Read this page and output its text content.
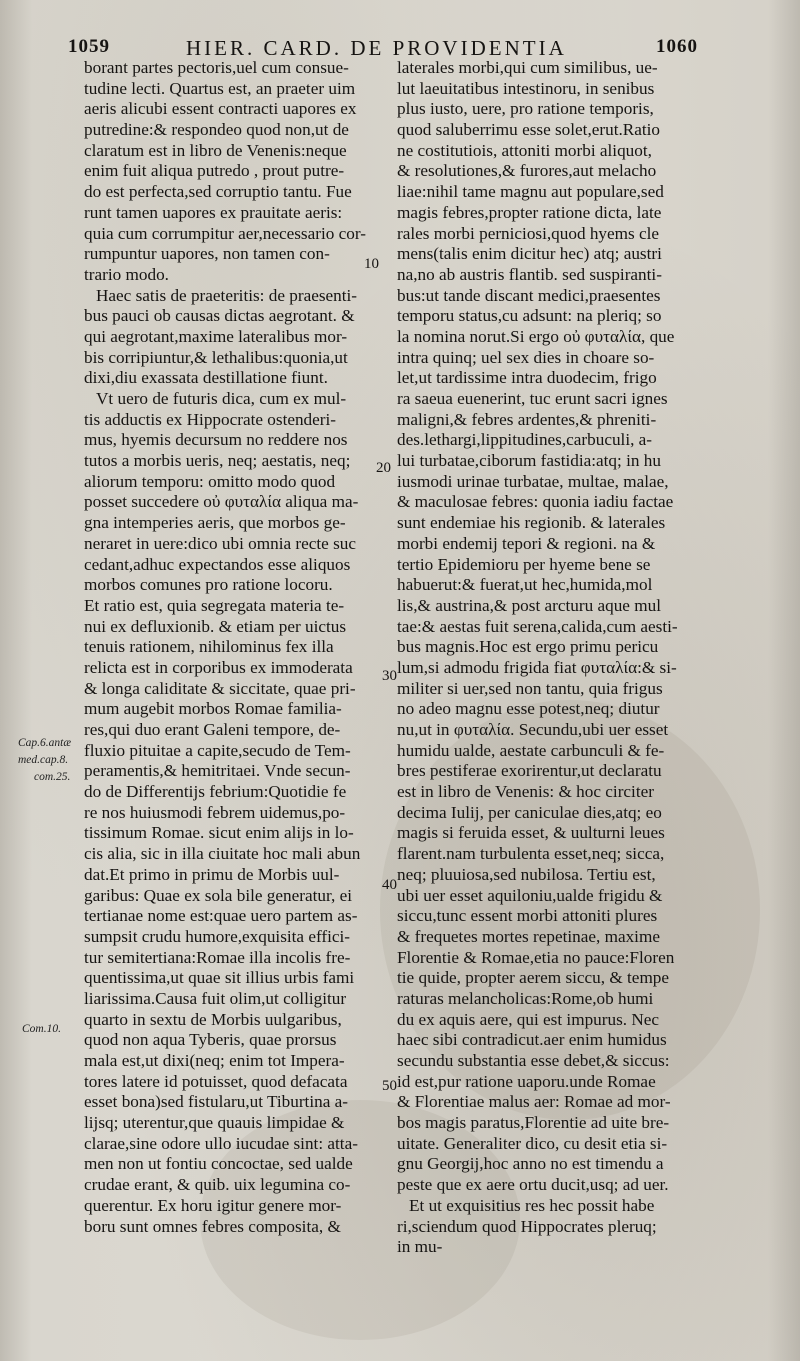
1059	HIER. CARD. DE PROVIDENTIA	1060
Cap.6.antæ
med.cap.8.
com.25.
Com.10.
10
20
30
40
50
borant partes pectoris,uel cum consue-
tudine lecti. Quartus est, an praeter uim
aeris alicubi essent contracti uapores ex
putredine:& respondeo quod non,ut de
claratum est in libro de Venenis:neque
enim fuit aliqua putredo , prout putre-
do est perfecta,sed corruptio tantu. Fue
runt tamen uapores ex prauitate aeris:
quia cum corrumpitur aer,necessario cor-
rumpuntur uapores, non tamen con-
trario modo.
Haec satis de praeteritis: de praesenti-
bus pauci ob causas dictas aegrotant. &
qui aegrotant,maxime lateralibus mor-
bis corripiuntur,& lethalibus:quonia,ut
dixi,diu exassata destillatione fiunt.
Vt uero de futuris dica, cum ex mul-
tis adductis ex Hippocrate ostenderi-
mus, hyemis decursum no reddere nos
tutos a morbis ueris, neq; aestatis, neq;
aliorum temporu: omitto modo quod
posset succedere οὐ φυταλία aliqua ma-
gna intemperies aeris, que morbos ge-
neraret in uere:dico ubi omnia recte suc
cedant,adhuc expectandos esse aliquos
morbos comunes pro ratione locoru.
Et ratio est, quia segregata materia te-
nui ex defluxionib. & etiam per uictus
tenuis rationem, nihilominus fex illa
relicta est in corporibus ex immoderata
& longa caliditate & siccitate, quae pri-
mum augebit morbos Romae familia-
res,qui duo erant Galeni tempore, de-
fluxio pituitae a capite,secudo de Tem-
peramentis,& hemitritaei. Vnde secun-
do de Differentijs febrium:Quotidie fe
re nos huiusmodi febrem uidemus,po-
tissimum Romae. sicut enim alijs in lo-
cis alia, sic in illa ciuitate hoc mali abun
dat.Et primo in primu de Morbis uul-
garibus: Quae ex sola bile generatur, ei
tertianae nome est:quae uero partem as-
sumpsit crudu humore,exquisita effici-
tur semitertiana:Romae illa incolis fre-
quentissima,ut quae sit illius urbis fami
liarissima.Causa fuit olim,ut colligitur
quarto in sextu de Morbis uulgaribus,
quod non aqua Tyberis, quae prorsus
mala est,ut dixi(neq; enim tot Impera-
tores latere id potuisset, quod defacata
esset bona)sed fistularu,ut Tiburtina a-
lijsq; uterentur,que quauis limpidae &
clarae,sine odore ullo iucudae sint: atta-
men non ut fontiu concoctae, sed ualde
crudae erant, & quib. uix legumina co-
querentur. Ex horu igitur genere mor-
boru sunt omnes febres composita, &
laterales morbi,qui cum similibus, ue-
lut laeuitatibus intestinoru, in senibus
plus iusto, uere, pro ratione temporis,
quod saluberrimu esse solet,erut.Ratio
ne costitutiois, attoniti morbi aliquot,
& resolutiones,& furores,aut melacho
liae:nihil tame magnu aut populare,sed
magis febres,propter ratione dicta, late
rales morbi perniciosi,quod hyems cle
mens(talis enim dicitur hec) atq; austri
na,no ab austris flantib. sed suspiranti-
bus:ut tande discant medici,praesentes
temporu status,cu adsunt: na pleriq; so
la nomina norut.Si ergo οὐ φυταλία, que
intra quinq; uel sex dies in choare so-
let,ut tardissime intra duodecim, frigo
ra saeua euenerint, tuc erunt sacri ignes
maligni,& febres ardentes,& phreniti-
des.lethargi,lippitudines,carbuculi, a-
lui turbatae,ciborum fastidia:atq; in hu
iusmodi urinae turbatae, multae, malae,
& maculosae febres: quonia iadiu factae
sunt endemiae his regionib. & laterales
morbi endemij tepori & regioni. na &
tertio Epidemioru per hyeme bene se
habuerut:& fuerat,ut hec,humida,mol
lis,& austrina,& post arcturu aque mul
tae:& aestas fuit serena,calida,cum aesti-
bus magnis.Hoc est ergo primu pericu
lum,si admodu frigida fiat φυταλία:& si-
militer si uer,sed non tantu, quia frigus
no adeo magnu esse potest,neq; diutur
nu,ut in φυταλία. Secundu,ubi uer esset
humidu ualde, aestate carbunculi & fe-
bres pestiferae exorirentur,ut declaratu
est in libro de Venenis: & hoc circiter
decima Iulij, per caniculae dies,atq; eo
magis si feruida esset, & uulturni leues
flarent.nam turbulenta esset,neq; sicca,
neq; pluuiosa,sed nubilosa. Tertiu est,
ubi uer esset aquiloniu,ualde frigidu &
siccu,tunc essent morbi attoniti plures
& frequetes mortes repetinae, maxime
Florentie & Romae,etia no pauce:Floren
tie quide, propter aerem siccu, & tempe
raturas melancholicas:Rome,ob humi
du ex aquis aere, qui est impurus. Nec
haec sibi contradicut.aer enim humidus
secundu substantia esse debet,& siccus:
id est,pur ratione uaporu.unde Romae
& Florentiae malus aer: Romae ad mor-
bos magis paratus,Florentie ad uite bre-
uitate. Generaliter dico, cu desit etia si-
gnu Georgij,hoc anno no est timendu a
peste que ex aere ortu ducit,usq; ad uer.
Et ut exquisitius res hec possit habe
ri,sciendum quod Hippocrates pleruq;
in mu-
